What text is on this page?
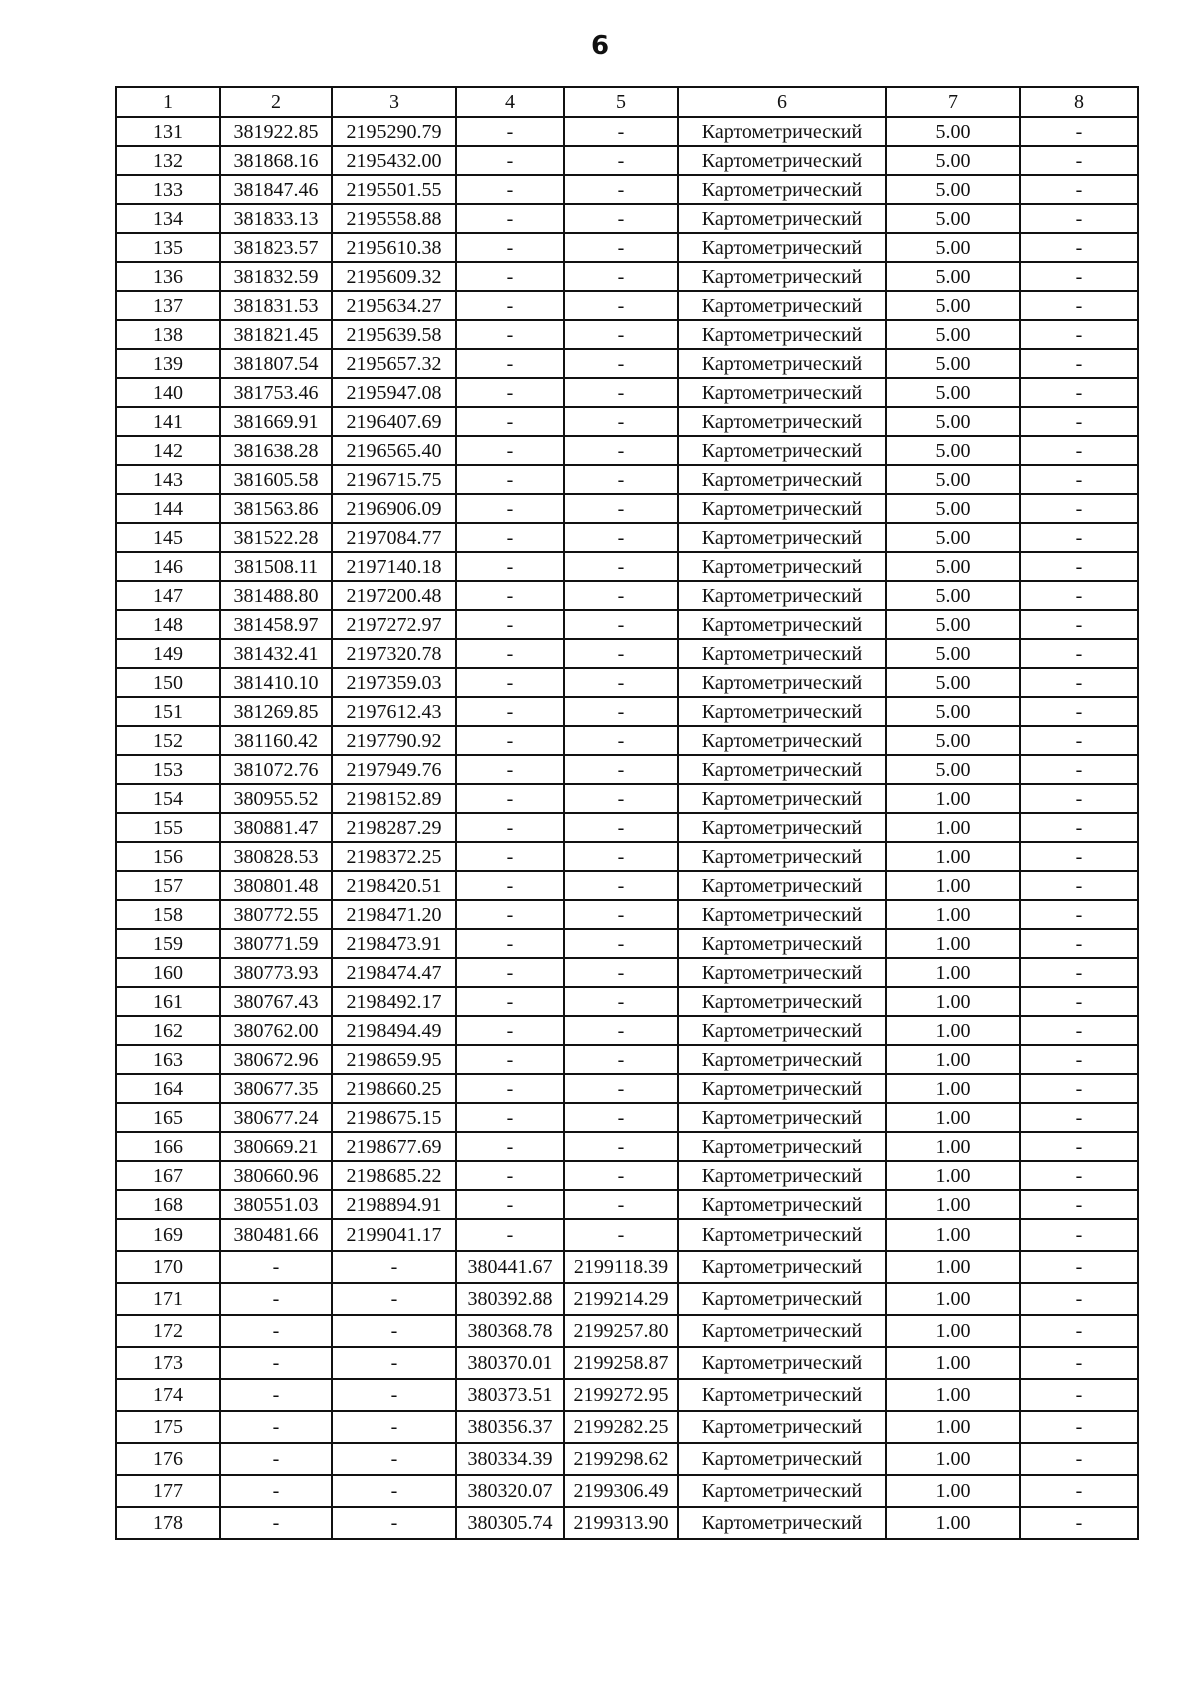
6
1	2	3	4	5	6	7	8
131	381922.85	2195290.79	-	-	Картометрический	5.00	-
132	381868.16	2195432.00	-	-	Картометрический	5.00	-
133	381847.46	2195501.55	-	-	Картометрический	5.00	-
134	381833.13	2195558.88	-	-	Картометрический	5.00	-
135	381823.57	2195610.38	-	-	Картометрический	5.00	-
136	381832.59	2195609.32	-	-	Картометрический	5.00	-
137	381831.53	2195634.27	-	-	Картометрический	5.00	-
138	381821.45	2195639.58	-	-	Картометрический	5.00	-
139	381807.54	2195657.32	-	-	Картометрический	5.00	-
140	381753.46	2195947.08	-	-	Картометрический	5.00	-
141	381669.91	2196407.69	-	-	Картометрический	5.00	-
142	381638.28	2196565.40	-	-	Картометрический	5.00	-
143	381605.58	2196715.75	-	-	Картометрический	5.00	-
144	381563.86	2196906.09	-	-	Картометрический	5.00	-
145	381522.28	2197084.77	-	-	Картометрический	5.00	-
146	381508.11	2197140.18	-	-	Картометрический	5.00	-
147	381488.80	2197200.48	-	-	Картометрический	5.00	-
148	381458.97	2197272.97	-	-	Картометрический	5.00	-
149	381432.41	2197320.78	-	-	Картометрический	5.00	-
150	381410.10	2197359.03	-	-	Картометрический	5.00	-
151	381269.85	2197612.43	-	-	Картометрический	5.00	-
152	381160.42	2197790.92	-	-	Картометрический	5.00	-
153	381072.76	2197949.76	-	-	Картометрический	5.00	-
154	380955.52	2198152.89	-	-	Картометрический	1.00	-
155	380881.47	2198287.29	-	-	Картометрический	1.00	-
156	380828.53	2198372.25	-	-	Картометрический	1.00	-
157	380801.48	2198420.51	-	-	Картометрический	1.00	-
158	380772.55	2198471.20	-	-	Картометрический	1.00	-
159	380771.59	2198473.91	-	-	Картометрический	1.00	-
160	380773.93	2198474.47	-	-	Картометрический	1.00	-
161	380767.43	2198492.17	-	-	Картометрический	1.00	-
162	380762.00	2198494.49	-	-	Картометрический	1.00	-
163	380672.96	2198659.95	-	-	Картометрический	1.00	-
164	380677.35	2198660.25	-	-	Картометрический	1.00	-
165	380677.24	2198675.15	-	-	Картометрический	1.00	-
166	380669.21	2198677.69	-	-	Картометрический	1.00	-
167	380660.96	2198685.22	-	-	Картометрический	1.00	-
168	380551.03	2198894.91	-	-	Картометрический	1.00	-
169	380481.66	2199041.17	-	-	Картометрический	1.00	-
170	-	-	380441.67	2199118.39	Картометрический	1.00	-
171	-	-	380392.88	2199214.29	Картометрический	1.00	-
172	-	-	380368.78	2199257.80	Картометрический	1.00	-
173	-	-	380370.01	2199258.87	Картометрический	1.00	-
174	-	-	380373.51	2199272.95	Картометрический	1.00	-
175	-	-	380356.37	2199282.25	Картометрический	1.00	-
176	-	-	380334.39	2199298.62	Картометрический	1.00	-
177	-	-	380320.07	2199306.49	Картометрический	1.00	-
178	-	-	380305.74	2199313.90	Картометрический	1.00	-
